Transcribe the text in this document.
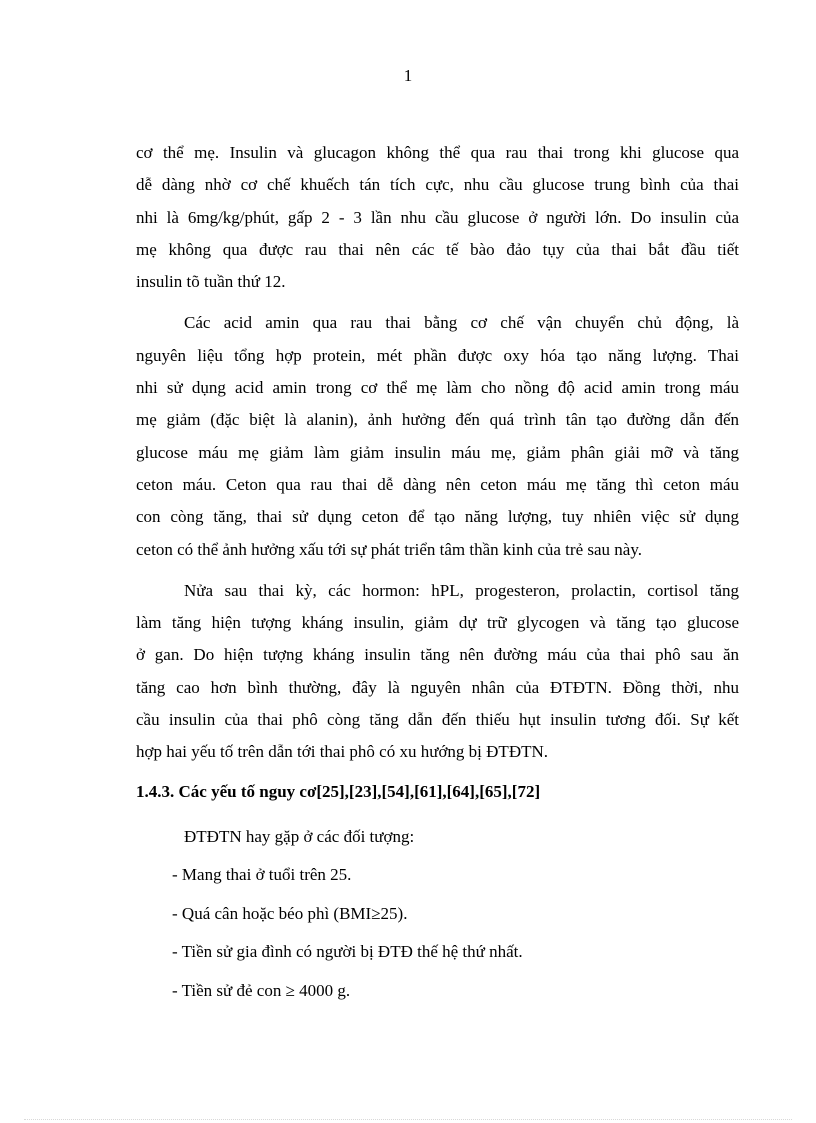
1
cơ thể mẹ. Insulin và glucagon không thể qua rau thai trong khi glucose qua
dễ dàng nhờ cơ chế khuếch tán tích cực, nhu cầu glucose trung bình của thai
nhi là 6mg/kg/phút, gấp 2 - 3 lần nhu cầu glucose ở người lớn. Do insulin của
mẹ không qua được rau thai nên các tế bào đảo tụy của thai bắt đầu tiết
insulin tõ tuần thứ 12.
Các acid amin qua rau thai bằng cơ chế vận chuyển chủ động, là
nguyên liệu tổng hợp protein, mét phần được oxy hóa tạo năng lượng. Thai
nhi sử dụng acid amin trong cơ thể mẹ làm cho nồng độ acid amin trong máu
mẹ giảm (đặc biệt là alanin), ảnh hưởng đến quá trình tân tạo đường dẫn đến
glucose máu mẹ giảm làm giảm insulin máu mẹ, giảm phân giải mỡ và tăng
ceton máu. Ceton qua rau thai dễ dàng nên ceton máu mẹ tăng thì ceton máu
con còng tăng, thai sử dụng ceton để tạo năng lượng, tuy nhiên việc sử dụng
ceton có thể ảnh hưởng xấu tới sự phát triển tâm thần kinh của trẻ sau này.
Nửa sau thai kỳ, các hormon: hPL, progesteron, prolactin, cortisol tăng
làm tăng hiện tượng kháng insulin, giảm dự trữ glycogen và tăng tạo glucose
ở gan. Do hiện tượng kháng insulin tăng nên đường máu của thai phô sau ăn
tăng cao hơn bình thường, đây là nguyên nhân của ĐTĐTN. Đồng thời, nhu
cầu insulin của thai phô còng tăng dẫn đến thiếu hụt insulin tương đối. Sự kết
hợp hai yếu tố trên dẫn tới thai phô có xu hướng bị ĐTĐTN.
1.4.3. Các yếu tố nguy cơ[25],[23],[54],[61],[64],[65],[72]
ĐTĐTN hay gặp ở các đối tượng:
- Mang thai ở tuổi trên 25.
- Quá cân hoặc béo phì (BMI≥25).
- Tiền sử gia đình có người bị ĐTĐ thế hệ thứ nhất.
- Tiền sử đẻ con ≥ 4000 g.
